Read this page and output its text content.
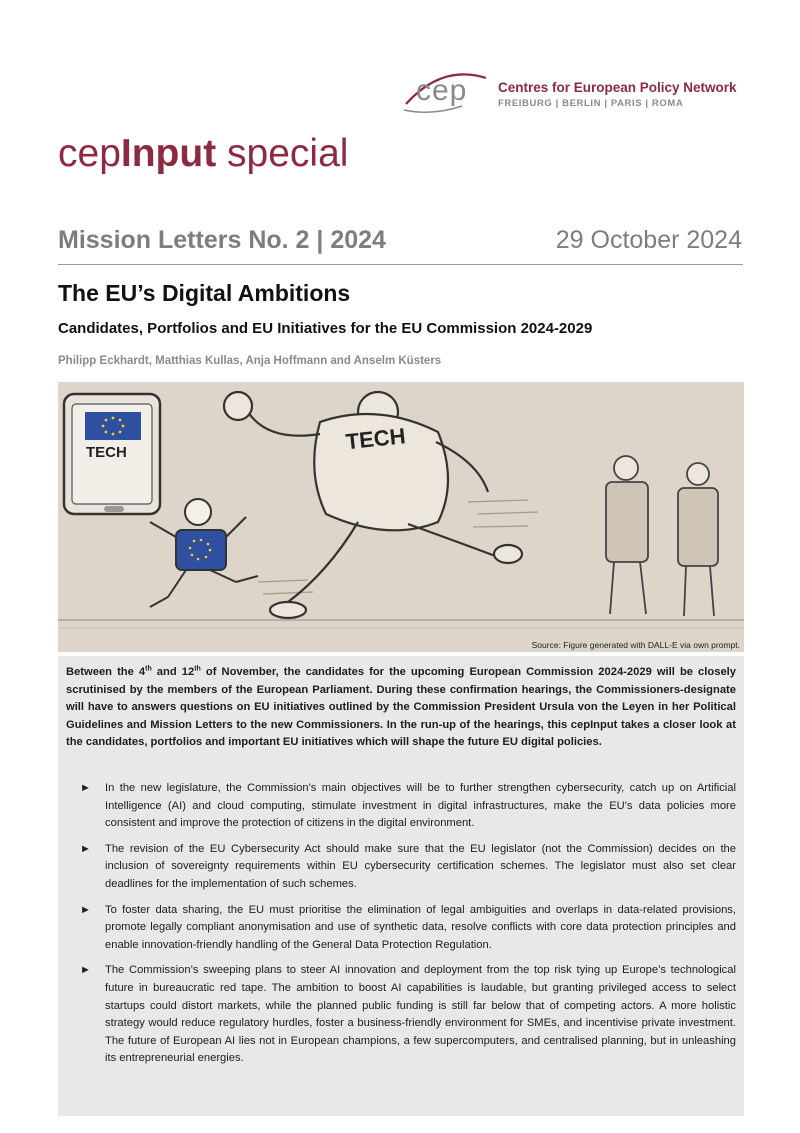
cep Centres for European Policy Network
FREIBURG | BERLIN | PARIS | ROMA
cepInput special
Mission Letters No. 2 | 2024	29 October 2024
The EU’s Digital Ambitions
Candidates, Portfolios and EU Initiatives for the EU Commission 2024-2029
Philipp Eckhardt, Matthias Kullas, Anja Hoffmann and Anselm Küsters
TECH	TECH
Source: Figure generated with DALL-E via own prompt.
Between the 4th and 12th of November, the candidates for the upcoming European Commission 2024-2029 will be closely scrutinised by the members of the European Parliament. During these confirmation hearings, the Commissioners-designate will have to answers questions on EU initiatives outlined by the Commission President Ursula von the Leyen in her Political Guidelines and Mission Letters to the new Commissioners. In the run-up of the hearings, this cepInput takes a closer look at the candidates, portfolios and important EU initiatives which will shape the future EU digital policies.
► In the new legislature, the Commission's main objectives will be to further strengthen cybersecurity, catch up on Artificial Intelligence (AI) and cloud computing, stimulate investment in digital infrastructures, make the EU's data policies more consistent and improve the protection of citizens in the digital environment.
► The revision of the EU Cybersecurity Act should make sure that the EU legislator (not the Commission) decides on the inclusion of sovereignty requirements within EU cybersecurity certification schemes. The legislator must also set clear deadlines for the implementation of such schemes.
► To foster data sharing, the EU must prioritise the elimination of legal ambiguities and overlaps in data-related provisions, promote legally compliant anonymisation and use of synthetic data, resolve conflicts with core data protection principles and enable innovation-friendly handling of the General Data Protection Regulation.
► The Commission’s sweeping plans to steer AI innovation and deployment from the top risk tying up Europe’s technological future in bureaucratic red tape. The ambition to boost AI capabilities is laudable, but granting privileged access to select startups could distort markets, while the planned public funding is still far below that of competing actors. A more holistic strategy would reduce regulatory hurdles, foster a business-friendly environment for SMEs, and incentivise private investment. The future of European AI lies not in European champions, a few supercomputers, and centralised planning, but in unleashing its entrepreneurial energies.
